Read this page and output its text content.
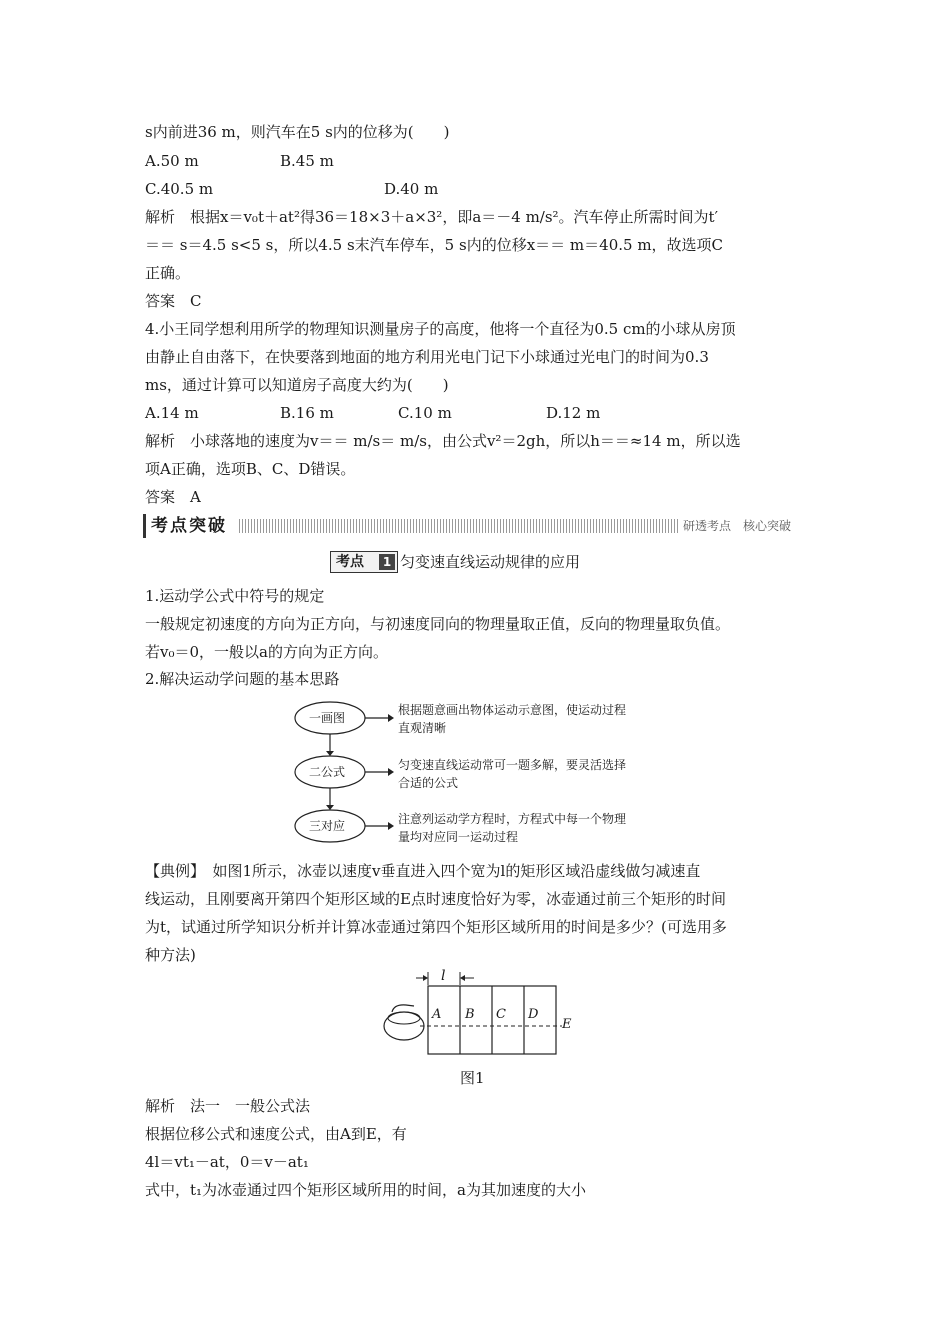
s内前进36 m，则汽车在5 s内的位移为(　　)
A.50 m	B.45 m
C.40.5 m	D.40 m
解析　根据x＝v₀t＋at²得36＝18×3＋a×3²，即a＝－4 m/s²。汽车停止所需时间为t′
＝＝ s＝4.5 s<5 s，所以4.5 s末汽车停车，5 s内的位移x＝＝ m＝40.5 m，故选项C
正确。
答案　C
4.小王同学想利用所学的物理知识测量房子的高度，他将一个直径为0.5 cm的小球从房顶
由静止自由落下，在快要落到地面的地方利用光电门记下小球通过光电门的时间为0.3
ms，通过计算可以知道房子高度大约为(　　)
A.14 m	B.16 m	C.10 m	D.12 m
解析　小球落地的速度为v＝＝ m/s＝ m/s，由公式v²＝2gh，所以h＝＝≈14 m，所以选
项A正确，选项B、C、D错误。
答案　A
考点突破	研透考点　核心突破
考点	1 匀变速直线运动规律的应用
1.运动学公式中符号的规定
一般规定初速度的方向为正方向，与初速度同向的物理量取正值，反向的物理量取负值。
若v₀＝0，一般以a的方向为正方向。
2.解决运动学问题的基本思路
一画图
二公式
三对应
根据题意画出物体运动示意图，使运动过程
直观清晰
匀变速直线运动常可一题多解，要灵活选择
合适的公式
注意列运动学方程时，方程式中每一个物理
量均对应同一运动过程
【典例】　如图1所示，冰壶以速度v垂直进入四个宽为l的矩形区域沿虚线做匀减速直
线运动，且刚要离开第四个矩形区域的E点时速度恰好为零，冰壶通过前三个矩形的时间
为t，试通过所学知识分析并计算冰壶通过第四个矩形区域所用的时间是多少？(可选用多
种方法)
l
A B C D
E
图1
解析　法一　一般公式法
根据位移公式和速度公式，由A到E，有
4l＝vt₁－at，0＝v－at₁
式中，t₁为冰壶通过四个矩形区域所用的时间，a为其加速度的大小
